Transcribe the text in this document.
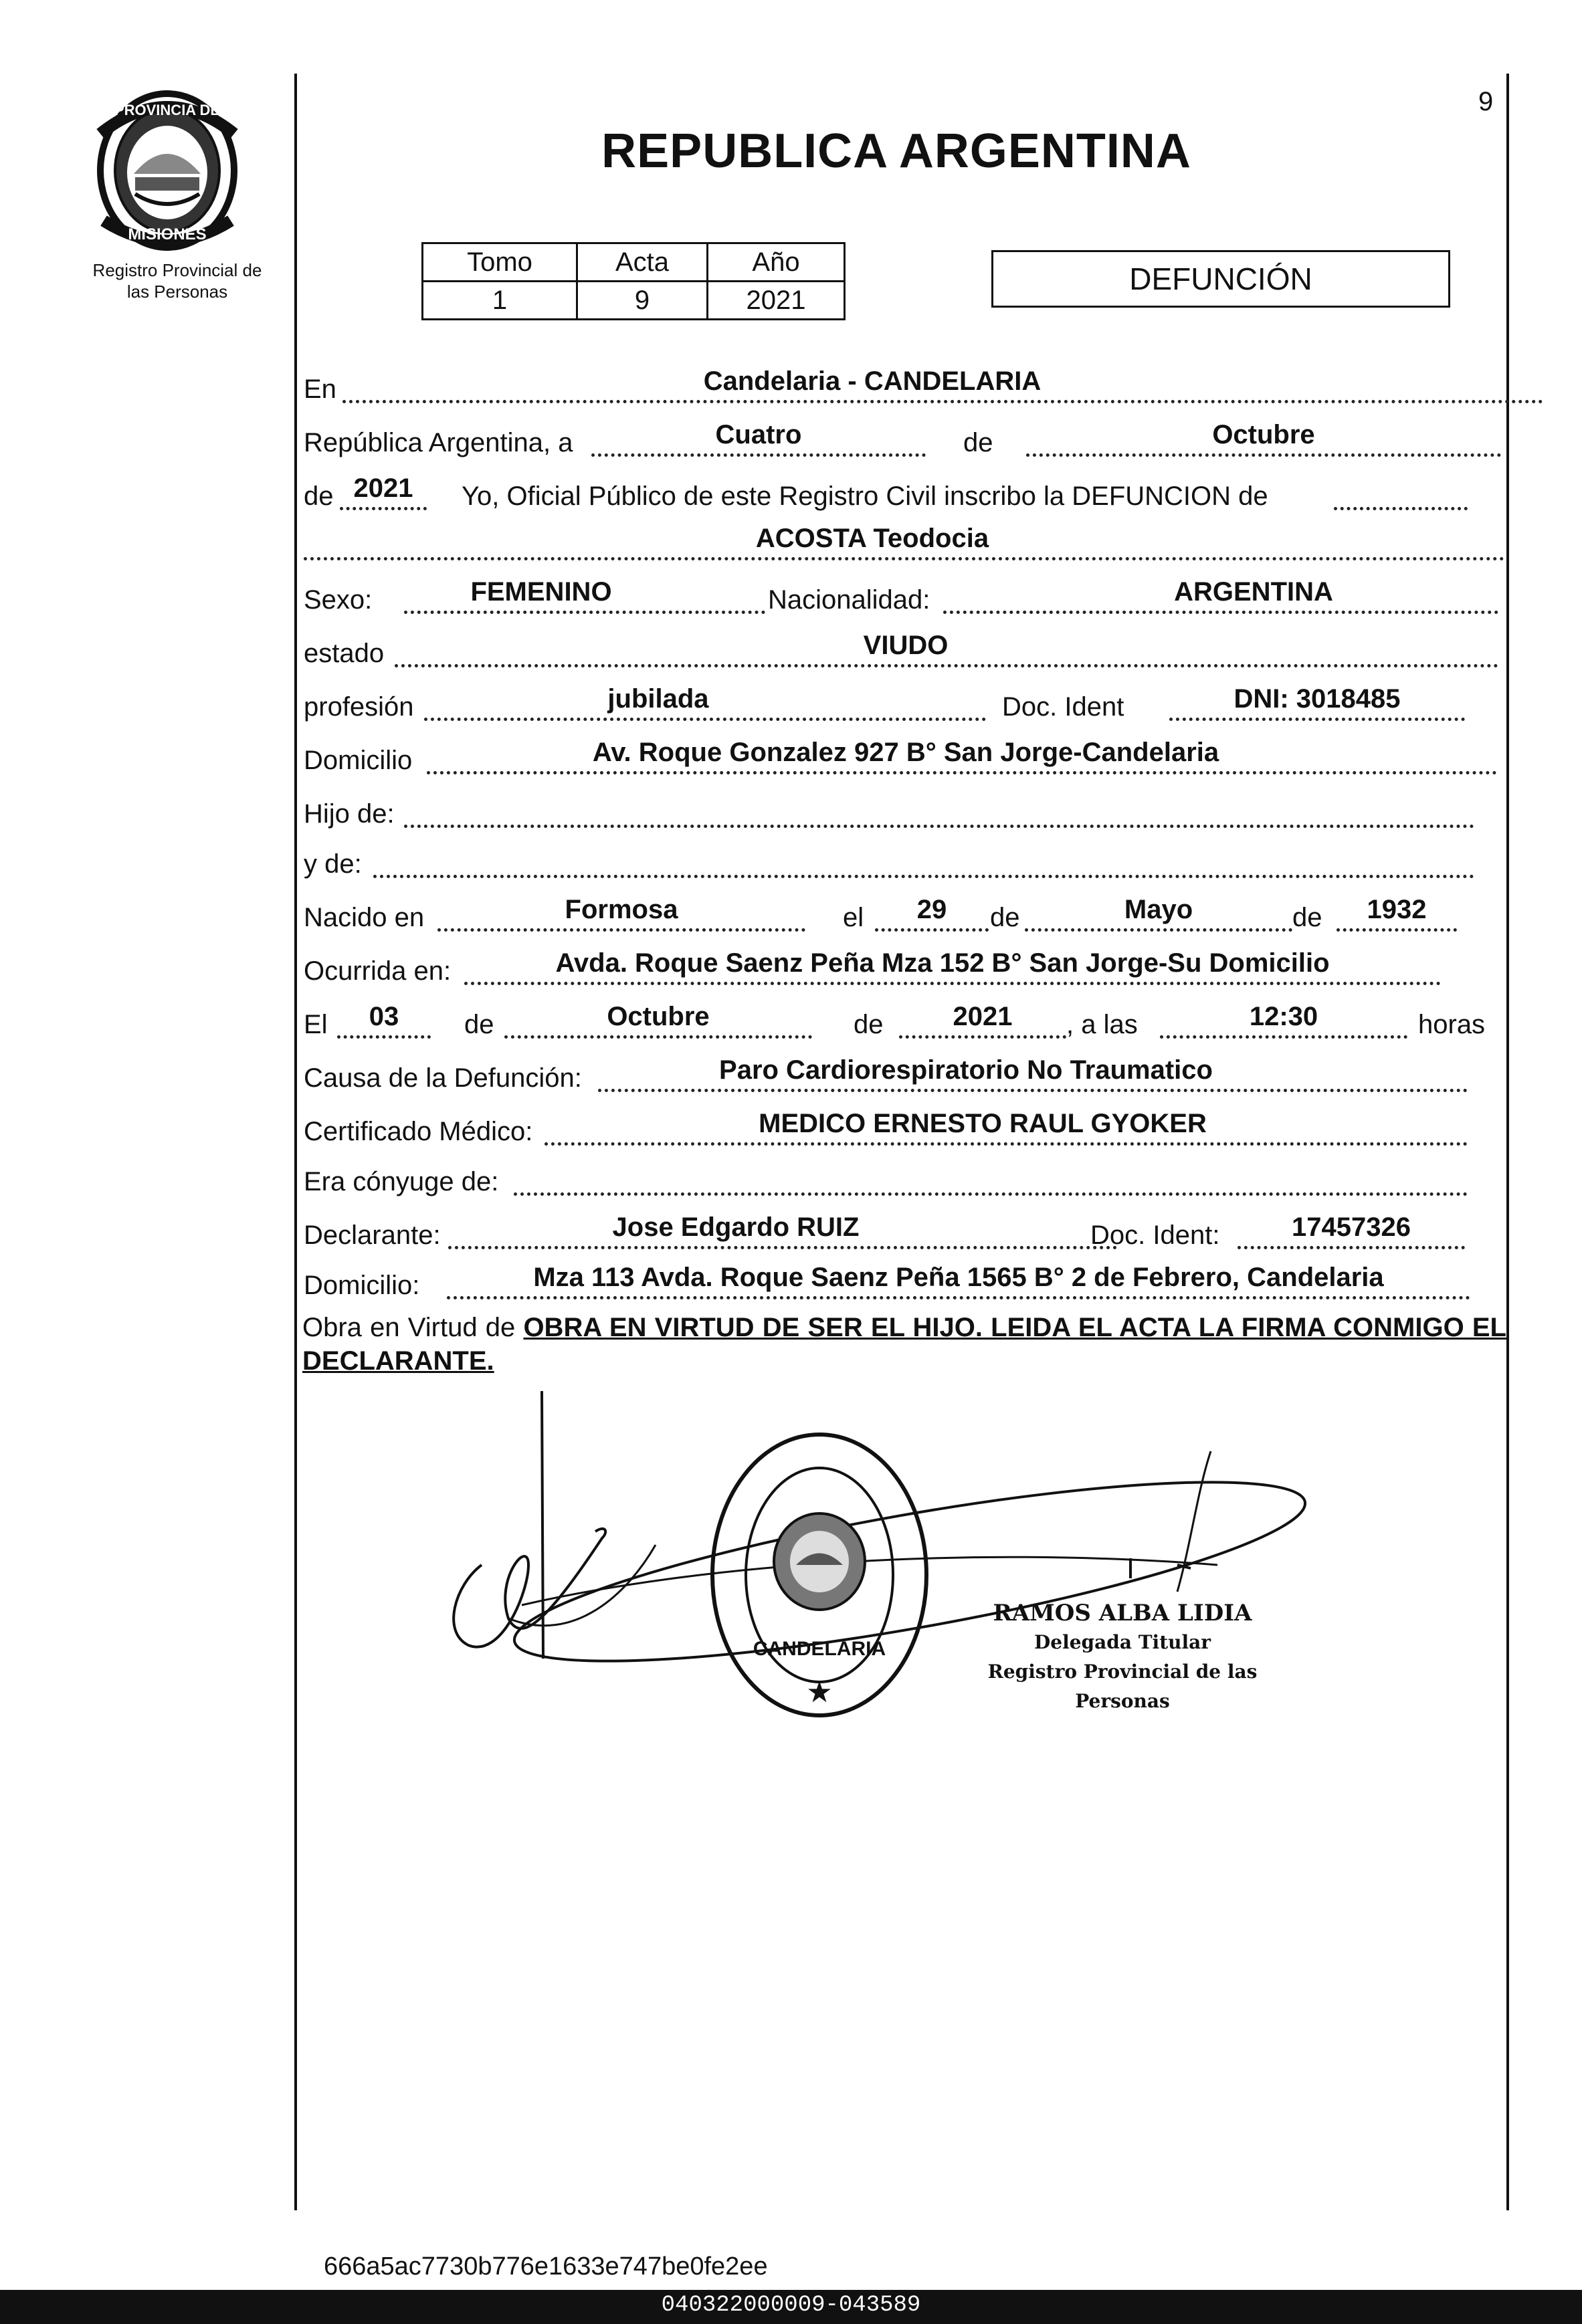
PROVINCIA DE
MISIONES
Registro Provincial de
las Personas
9
REPUBLICA ARGENTINA
Tomo	Acta	Año
1	9	2021
DEFUNCIÓN
En	Candelaria - CANDELARIA
República Argentina, a	Cuatro	de	Octubre
de 2021	Yo, Oficial Público de este Registro Civil inscribo la DEFUNCION de
ACOSTA Teodocia
Sexo:	FEMENINO	Nacionalidad:	ARGENTINA
estado	VIUDO
profesión	jubilada	Doc. Ident	DNI: 3018485
Domicilio	Av. Roque Gonzalez 927 B° San Jorge-Candelaria
Hijo de:
y de:
Nacido en	Formosa	el	29	de	Mayo	de	1932
Ocurrida en:	Avda. Roque Saenz Peña Mza 152 B° San Jorge-Su Domicilio
El	03	de	Octubre	de	2021	, a las	12:30	horas
Causa de la Defunción:	Paro Cardiorespiratorio No Traumatico
Certificado Médico:	MEDICO ERNESTO RAUL GYOKER
Era cónyuge de:
Declarante:	Jose Edgardo RUIZ	Doc. Ident:	17457326
Domicilio:	Mza 113 Avda. Roque Saenz Peña 1565 B° 2 de Febrero, Candelaria
Obra en Virtud de OBRA EN VIRTUD DE SER EL HIJO. LEIDA EL ACTA LA FIRMA CONMIGO EL DECLARANTE.
CANDELARIA
★
RAMOS ALBA LIDIA
Delegada Titular
Registro Provincial de las Personas
666a5ac7730b776e1633e747be0fe2ee
040322000009-043589
